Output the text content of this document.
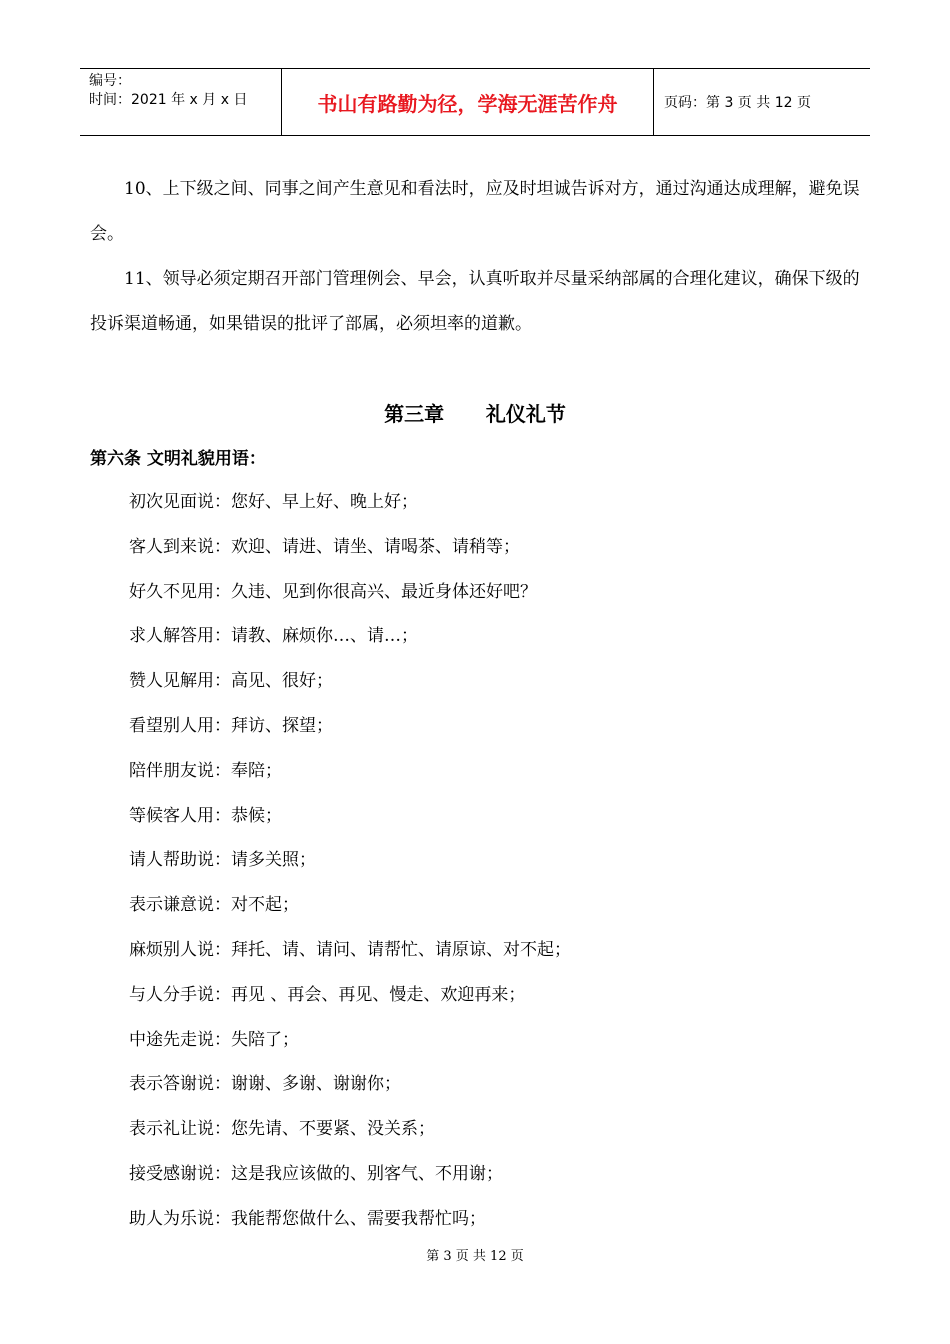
编号：
时间：2021 年 x 月 x 日	书山有路勤为径，学海无涯苦作舟	页码：第 3 页 共 12 页

10、上下级之间、同事之间产生意见和看法时，应及时坦诚告诉对方，通过沟通达成理解，避免误会。

11、领导必须定期召开部门管理例会、早会，认真听取并尽量采纳部属的合理化建议，确保下级的投诉渠道畅通，如果错误的批评了部属，必须坦率的道歉。

第三章      礼仪礼节
第六条 文明礼貌用语：
初次见面说：您好、早上好、晚上好；
客人到来说：欢迎、请进、请坐、请喝茶、请稍等；
好久不见用：久违、见到你很高兴、最近身体还好吧？
求人解答用：请教、麻烦你…、请…；
赞人见解用：高见、很好；
看望别人用：拜访、探望；
陪伴朋友说：奉陪；
等候客人用：恭候；
请人帮助说：请多关照；
表示谦意说：对不起；
麻烦别人说：拜托、请、请问、请帮忙、请原谅、对不起；
与人分手说：再见 、再会、再见、慢走、欢迎再来；
中途先走说：失陪了；
表示答谢说：谢谢、多谢、谢谢你；
表示礼让说：您先请、不要紧、没关系；
接受感谢说：这是我应该做的、别客气、不用谢；
助人为乐说：我能帮您做什么、需要我帮忙吗；
第 3 页 共 12 页
